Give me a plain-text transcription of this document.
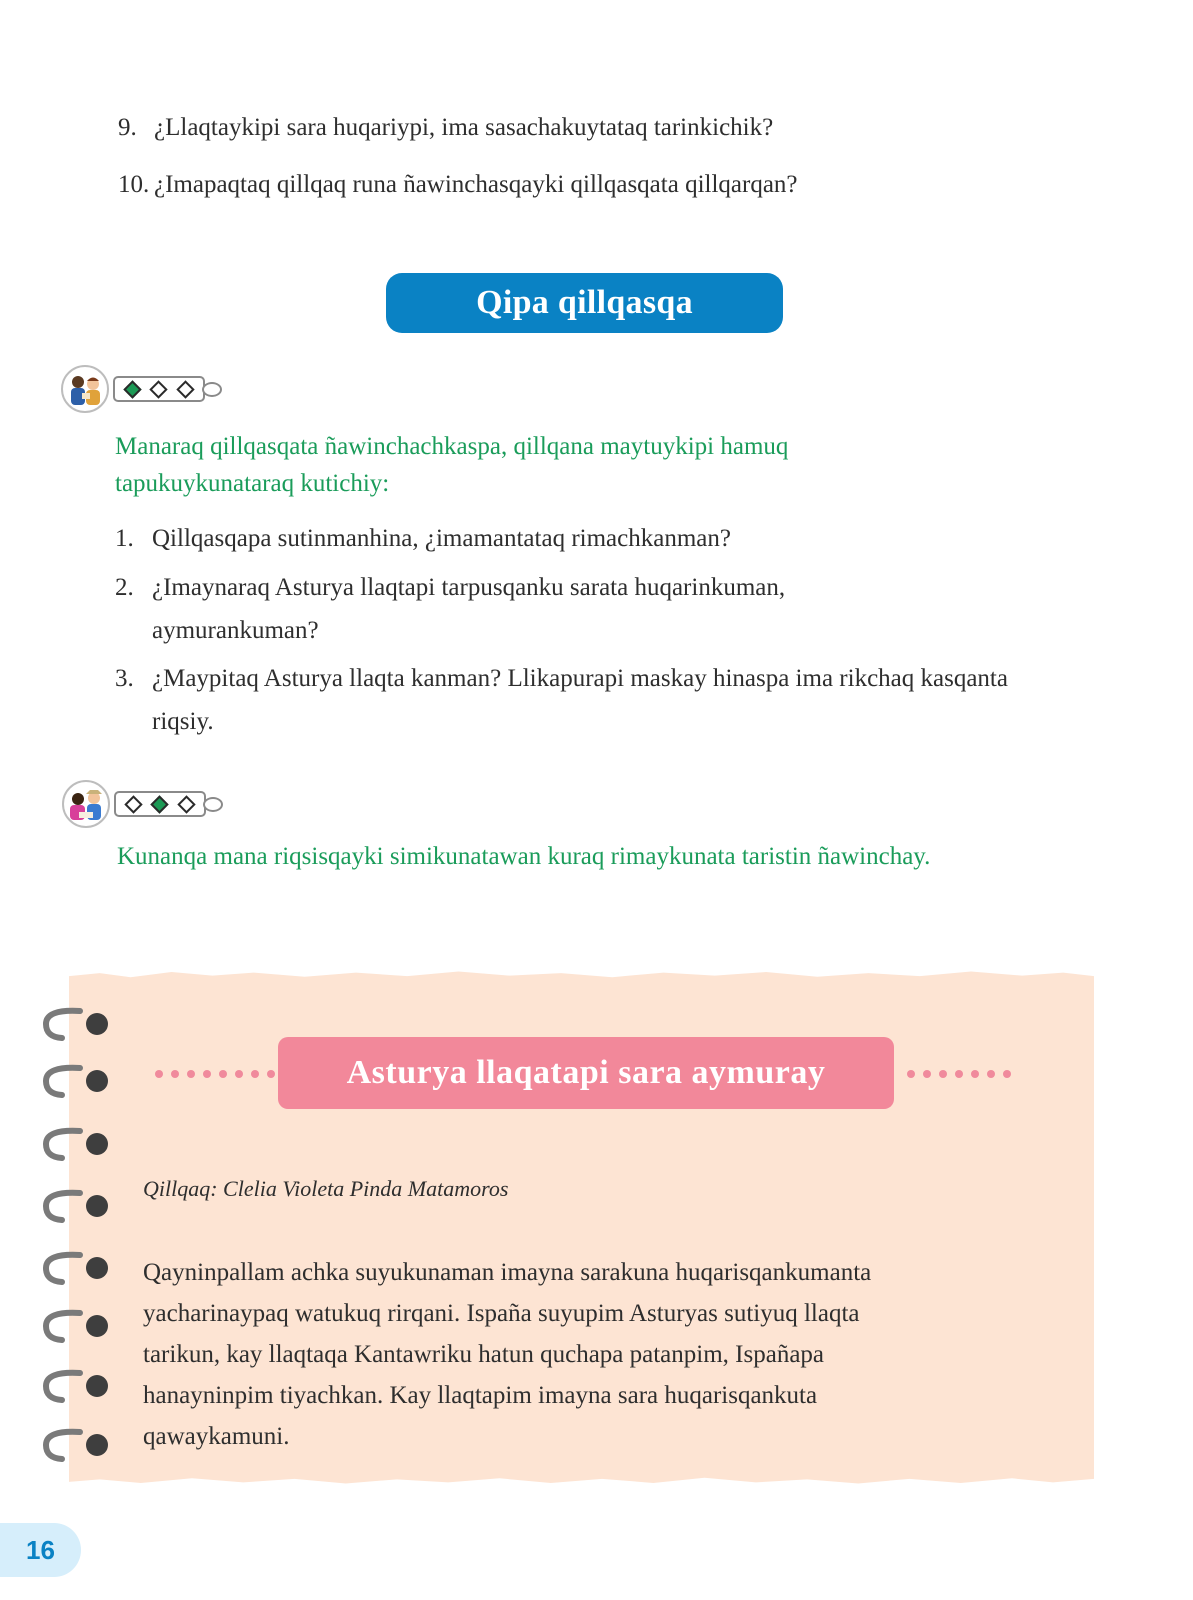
9. ¿Llaqtaykipi sara huqariypi, ima sasachakuytataq tarinkichik?
10. ¿Imapaqtaq qillqaq runa ñawinchasqayki qillqasqata qillqarqan?
Qipa qillqasqa
Manaraq qillqasqata ñawinchachkaspa, qillqana maytuykipi hamuq tapukuykunataraq kutichiy:
1. Qillqasqapa sutinmanhina, ¿imamantataq rimachkanman?
2. ¿Imaynaraq Asturya llaqtapi tarpusqanku sarata huqarinkuman, aymurankuman?
3. ¿Maypitaq Asturya llaqta kanman? Llikapurapi maskay hinaspa ima rikchaq kasqanta riqsiy.
Kunanqa mana riqsisqayki simikunatawan kuraq rimaykunata taristin ñawinchay.
Asturya llaqatapi sara aymuray
Qillqaq: Clelia Violeta Pinda Matamoros
Qayninpallam achka suyukunaman imayna sarakuna huqarisqankumanta
yacharinaypaq watukuq rirqani. Ispaña suyupim Asturyas sutiyuq llaqta
tarikun, kay llaqtaqa Kantawriku hatun quchapa patanpim, Ispañapa
hanayninpim tiyachkan. Kay llaqtapim imayna sara huqarisqankuta
qawaykamuni.
16
